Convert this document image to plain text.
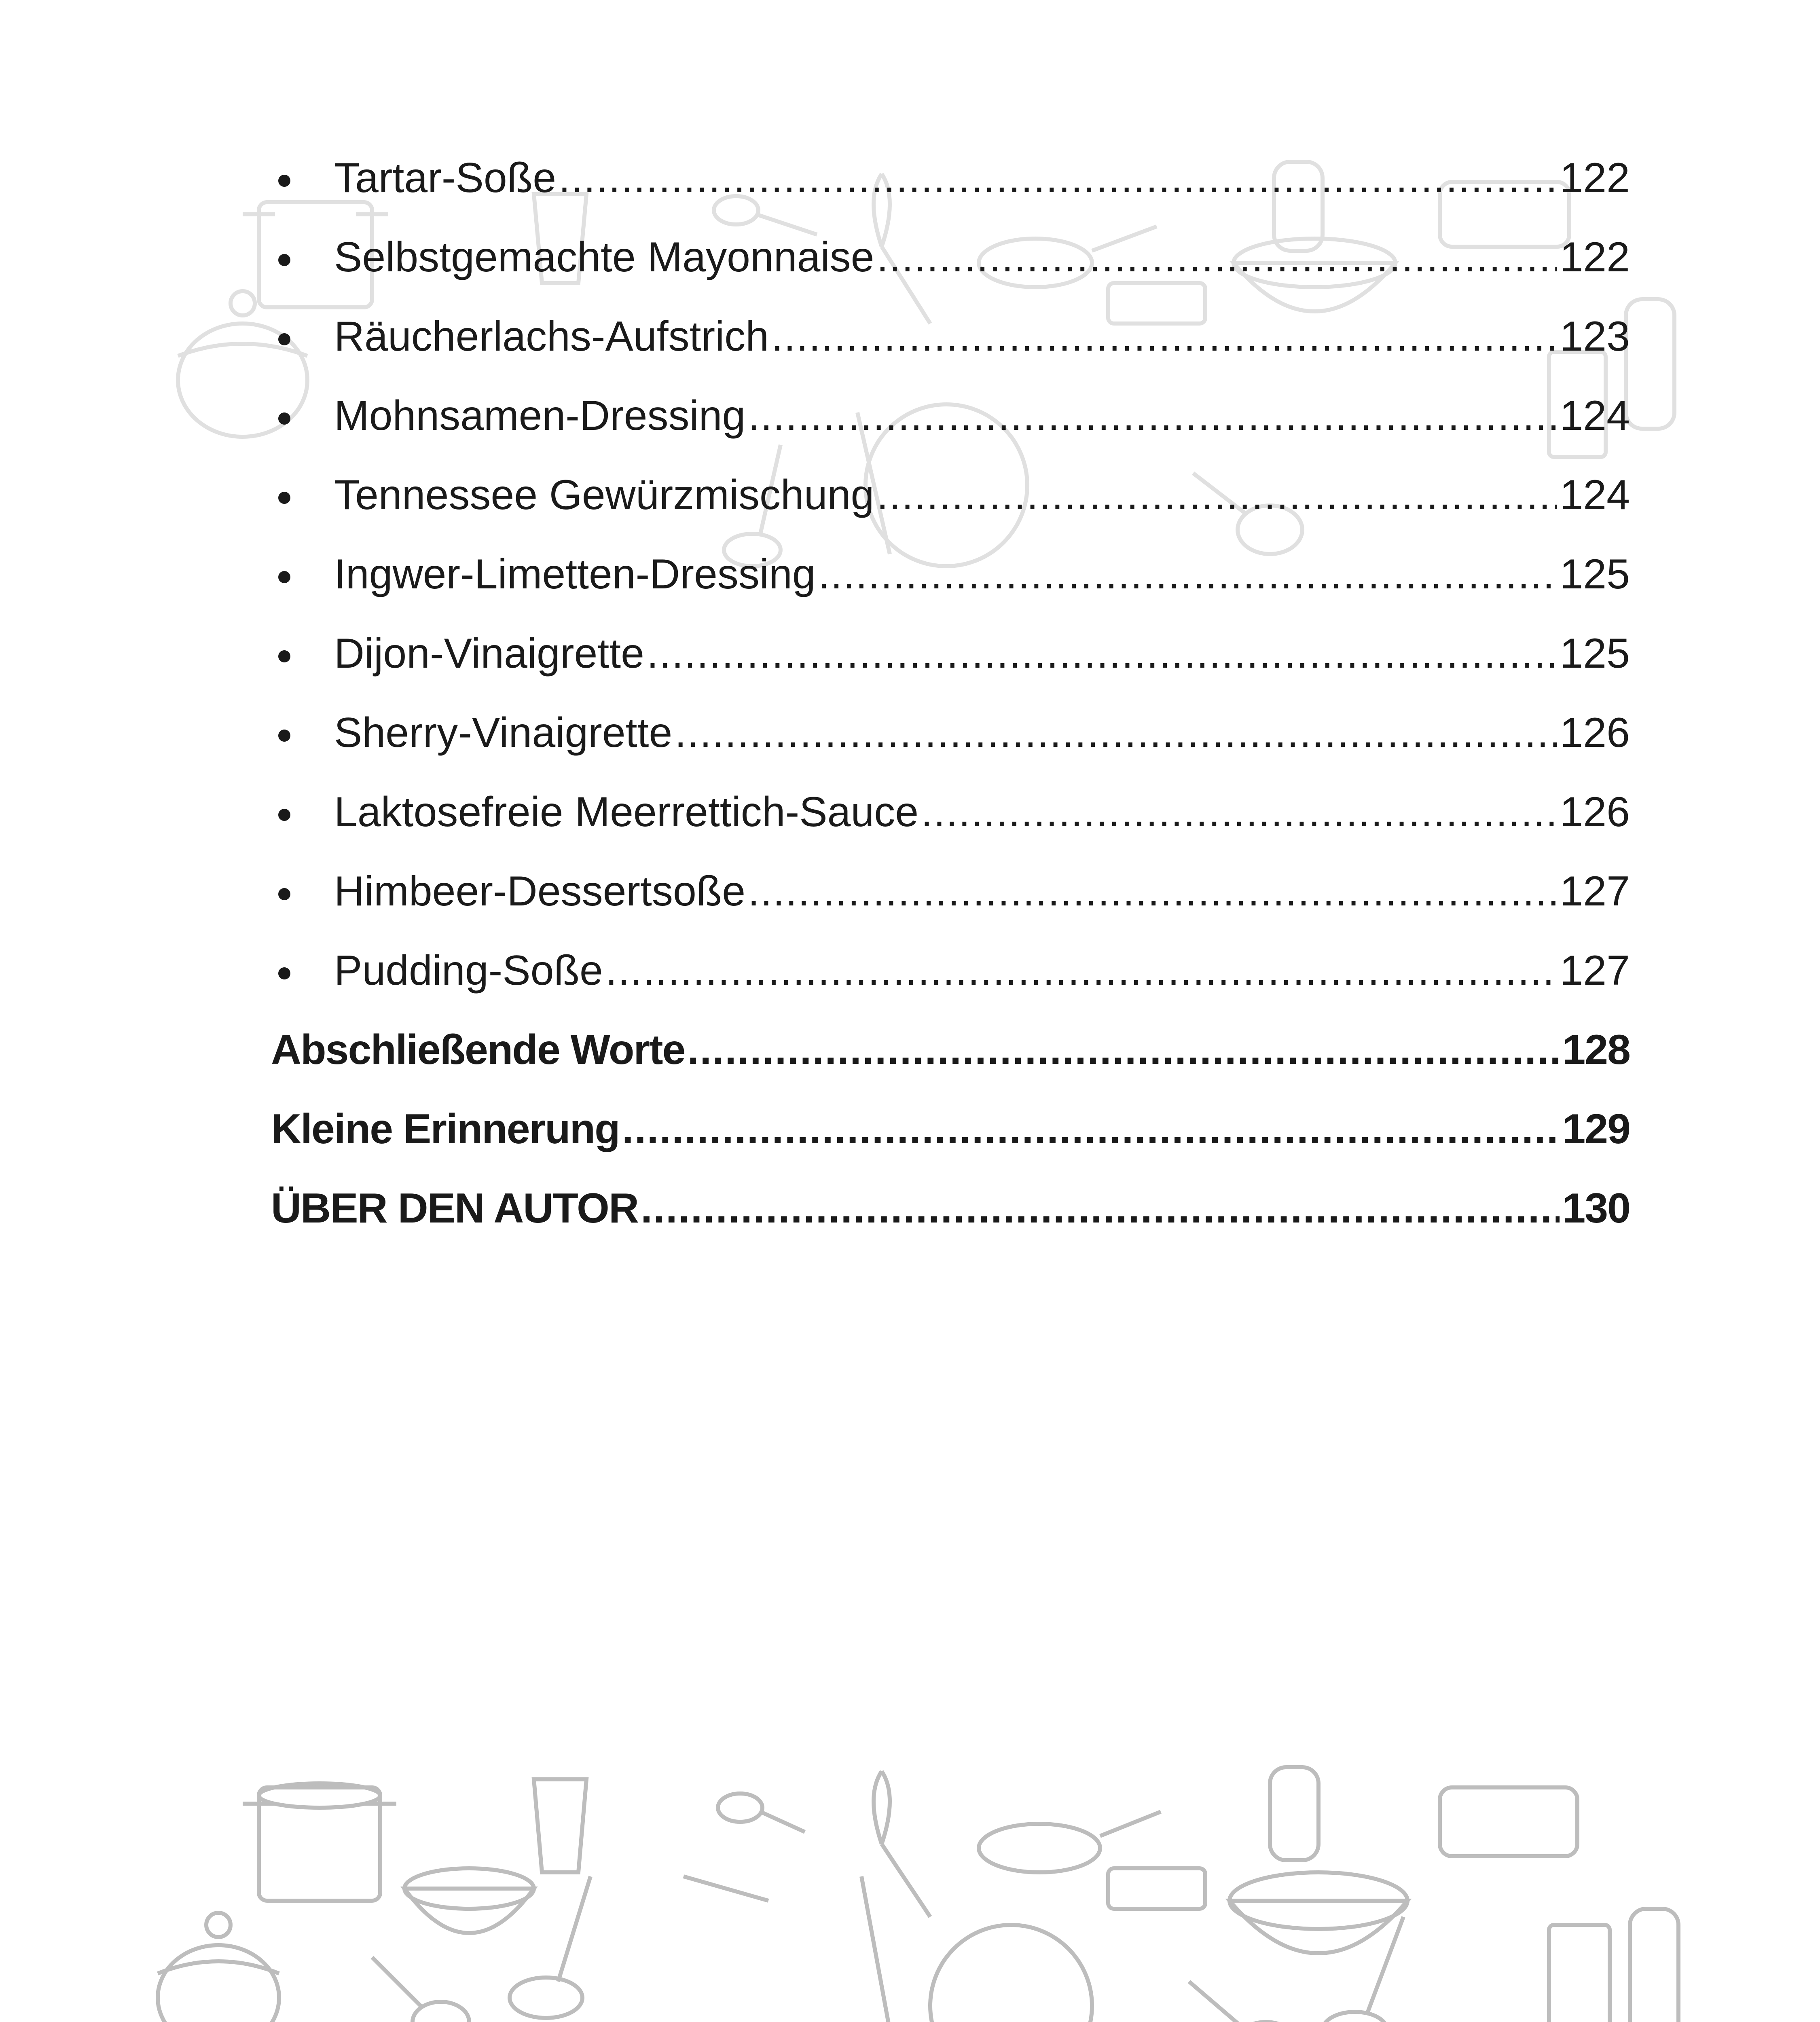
Tartar-Soße .....	122
Selbstgemachte Mayonnaise .....	122
Räucherlachs-Aufstrich .....	123
Mohnsamen-Dressing .....	124
Tennessee Gewürzmischung .....	124
Ingwer-Limetten-Dressing .....	125
Dijon-Vinaigrette .....	125
Sherry-Vinaigrette .....	126
Laktosefreie Meerrettich-Sauce .....	126
Himbeer-Dessertsoße .....	127
Pudding-Soße .....	127
Abschließende Worte .....	128
Kleine Erinnerung .....	129
ÜBER DEN AUTOR .....	130
